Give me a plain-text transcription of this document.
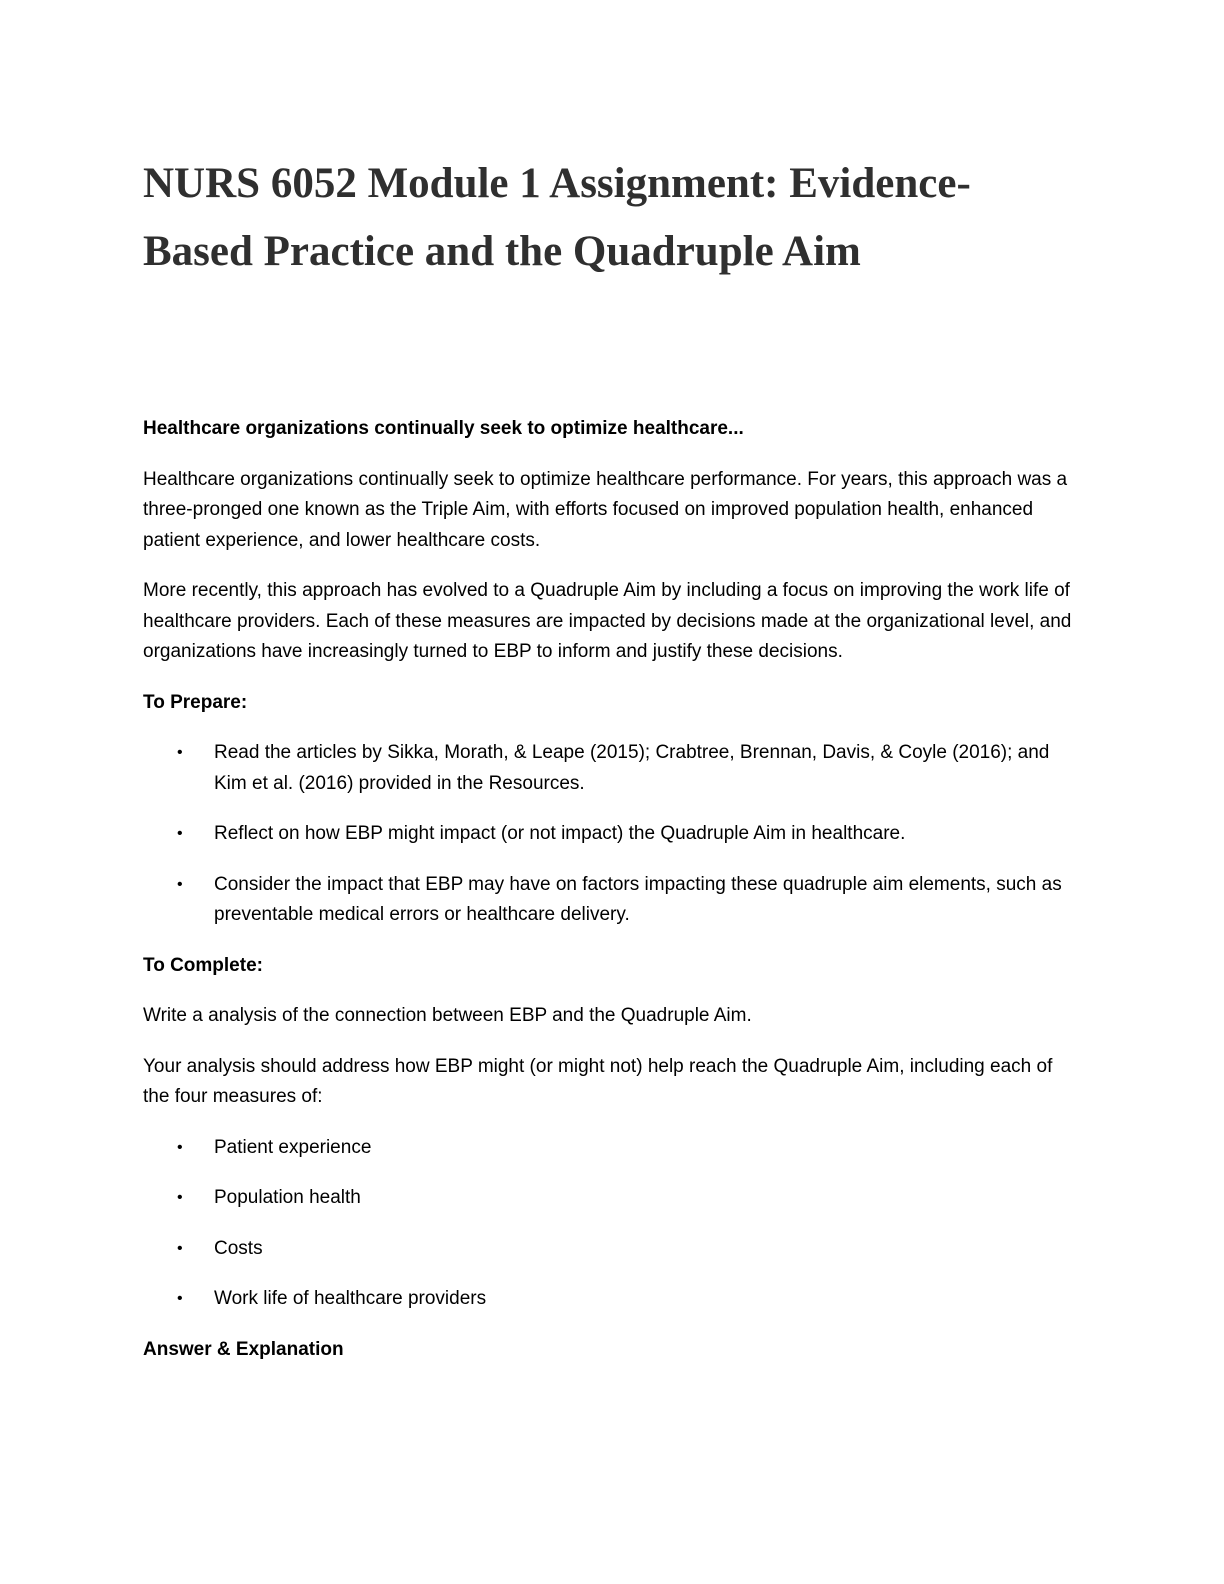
NURS 6052 Module 1 Assignment: Evidence-
Based Practice and the Quadruple Aim

Healthcare organizations continually seek to optimize healthcare...

Healthcare organizations continually seek to optimize healthcare performance. For years, this approach was a three-pronged one known as the Triple Aim, with efforts focused on improved population health, enhanced patient experience, and lower healthcare costs.

More recently, this approach has evolved to a Quadruple Aim by including a focus on improving the work life of healthcare providers. Each of these measures are impacted by decisions made at the organizational level, and organizations have increasingly turned to EBP to inform and justify these decisions.

To Prepare:

• Read the articles by Sikka, Morath, & Leape (2015); Crabtree, Brennan, Davis, & Coyle (2016); and Kim et al. (2016) provided in the Resources.
• Reflect on how EBP might impact (or not impact) the Quadruple Aim in healthcare.
• Consider the impact that EBP may have on factors impacting these quadruple aim elements, such as preventable medical errors or healthcare delivery.

To Complete:

Write a analysis of the connection between EBP and the Quadruple Aim.

Your analysis should address how EBP might (or might not) help reach the Quadruple Aim, including each of the four measures of:

• Patient experience
• Population health
• Costs
• Work life of healthcare providers

Answer & Explanation
